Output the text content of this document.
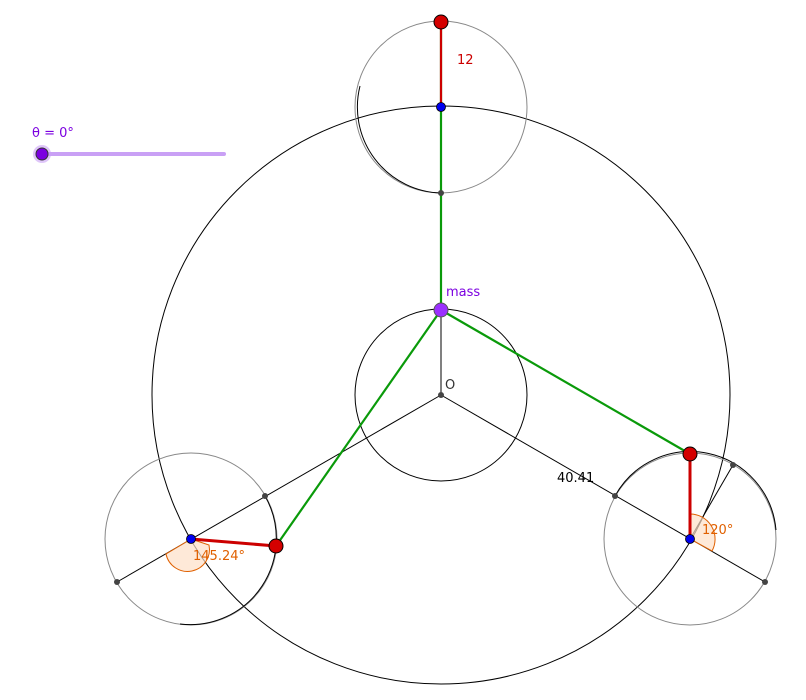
12
O
mass
40.41
145.24°
120°
θ = 0°
